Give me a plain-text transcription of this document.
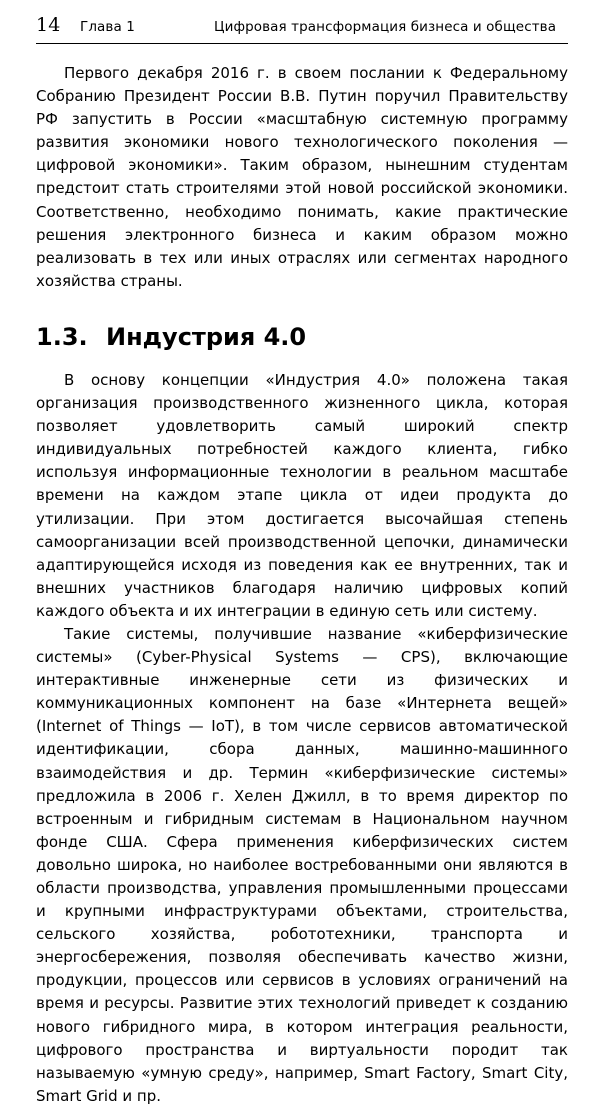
14	Глава 1	Цифровая трансформация бизнеса и общества

Первого декабря 2016 г. в своем послании к Федеральному Собранию Президент России В.В. Путин поручил Правительству РФ запустить в России «масштабную системную программу развития экономики нового технологического поколения — цифровой экономики». Таким образом, нынешним студентам предстоит стать строителями этой новой российской экономики. Соответственно, необходимо понимать, какие практические решения электронного бизнеса и каким образом можно реализовать в тех или иных отраслях или сегментах народного хозяйства страны.

1.3. Индустрия 4.0

В основу концепции «Индустрия 4.0» положена такая организация производственного жизненного цикла, которая позволяет удовлетворить самый широкий спектр индивидуальных потребностей каждого клиента, гибко используя информационные технологии в реальном масштабе времени на каждом этапе цикла от идеи продукта до утилизации. При этом достигается высочайшая степень самоорганизации всей производственной цепочки, динамически адаптирующейся исходя из поведения как ее внутренних, так и внешних участников благодаря наличию цифровых копий каждого объекта и их интеграции в единую сеть или систему.

Такие системы, получившие название «киберфизические системы» (Cyber-Physical Systems — CPS), включающие интерактивные инженерные сети из физических и коммуникационных компонент на базе «Интернета вещей» (Internet of Things — IoT), в том числе сервисов автоматической идентификации, сбора данных, машинно-машинного взаимодействия и др. Термин «киберфизические системы» предложила в 2006 г. Хелен Джилл, в то время директор по встроенным и гибридным системам в Национальном научном фонде США. Сфера применения киберфизических систем довольно широка, но наиболее востребованными они являются в области производства, управления промышленными процессами и крупными инфраструктурами объектами, строительства, сельского хозяйства, робототехники, транспорта и энергосбережения, позволяя обеспечивать качество жизни, продукции, процессов или сервисов в условиях ограничений на время и ресурсы. Развитие этих технологий приведет к созданию нового гибридного мира, в котором интеграция реальности, цифрового пространства и виртуальности породит так называемую «умную среду», например, Smart Factory, Smart City, Smart Grid и пр.
